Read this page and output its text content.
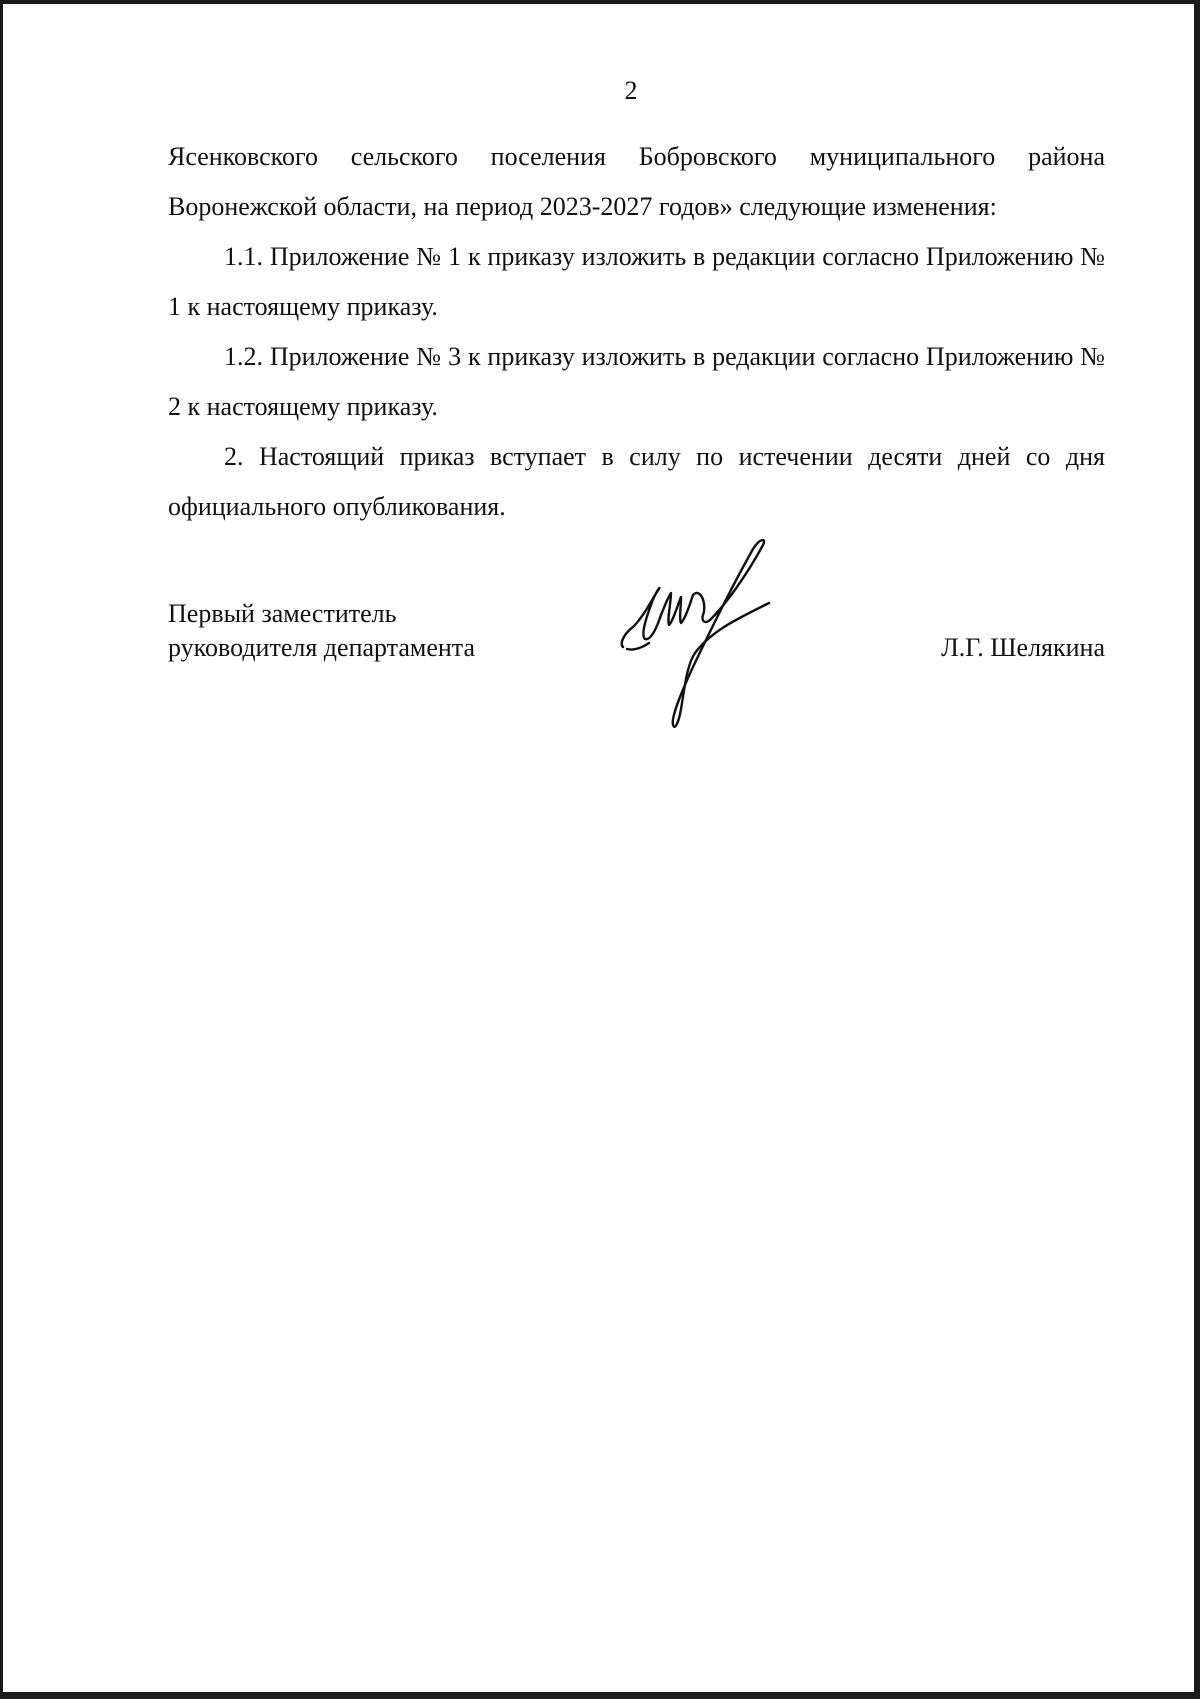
2

Ясенковского сельского поселения Бобровского муниципального района

Воронежской области, на период 2023-2027 годов» следующие изменения:

1.1. Приложение № 1 к приказу изложить в редакции согласно Приложению № 1 к настоящему приказу.

1.2. Приложение № 3 к приказу изложить в редакции согласно Приложению № 2 к настоящему приказу.

2. Настоящий приказ вступает в силу по истечении десяти дней со дня официального опубликования.

Первый заместитель
руководителя департамента	Л.Г. Шелякина
